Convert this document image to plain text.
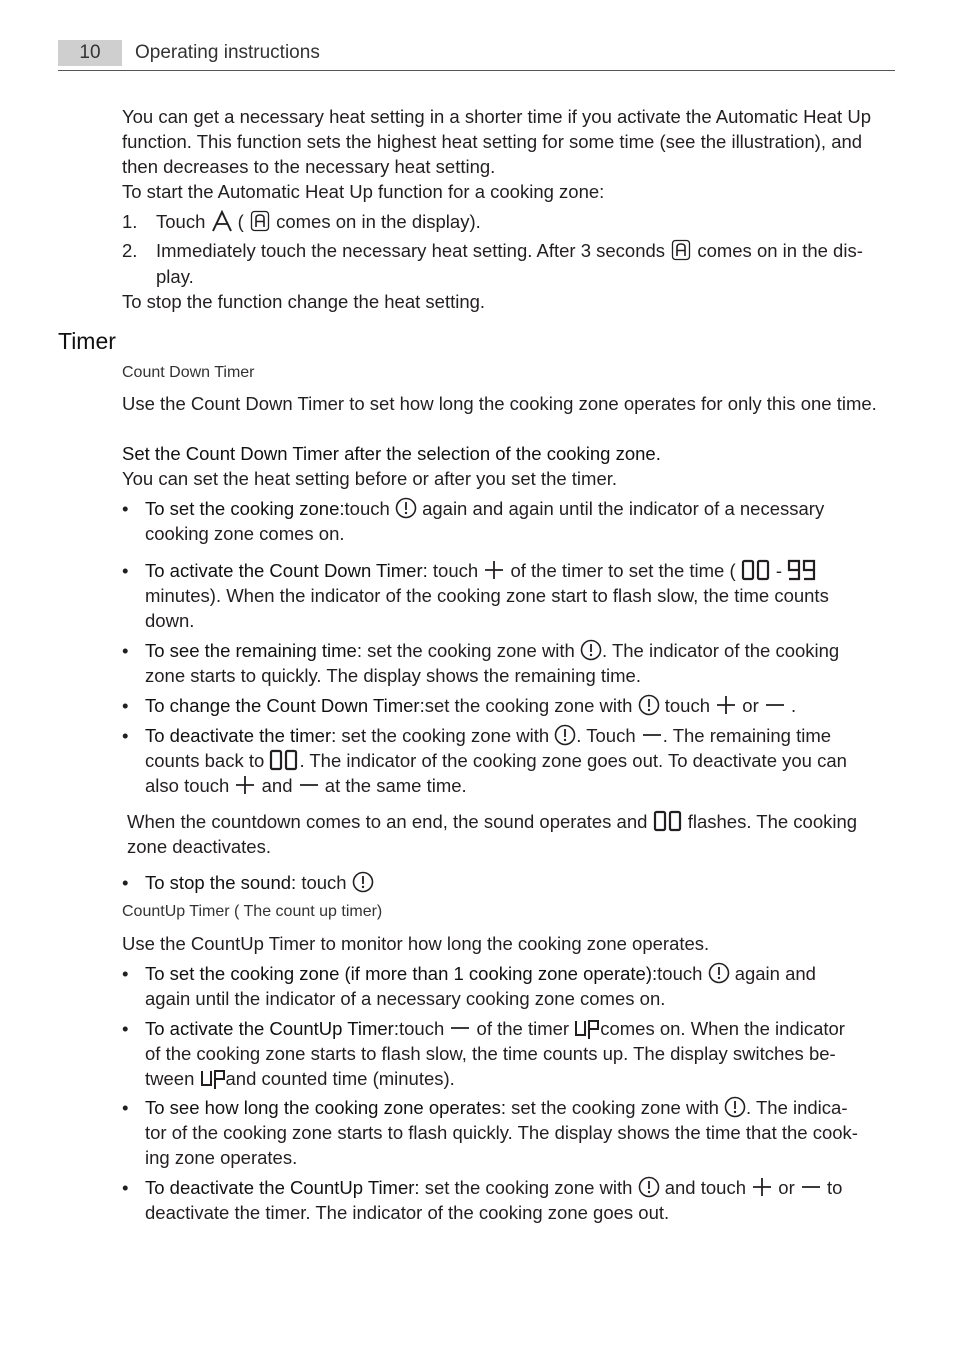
10	Operating instructions
You can get a necessary heat setting in a shorter time if you activate the Automatic Heat Up function. This function sets the highest heat setting for some time (see the illustration), and then decreases to the necessary heat setting.
To start the Automatic Heat Up function for a cooking zone:
1. Touch ( comes on in the display).
2. Immediately touch the necessary heat setting. After 3 seconds comes on in the dis-
play.
To stop the function change the heat setting.
Timer
Count Down Timer
Use the Count Down Timer to set how long the cooking zone operates for only this one time.
Set the Count Down Timer after the selection of the cooking zone.
You can set the heat setting before or after you set the timer.
• To set the cooking zone:touch again and again until the indicator of a necessary
cooking zone comes on.
• To activate the Count Down Timer: touch of the timer to set the time ( -
minutes). When the indicator of the cooking zone start to flash slow, the time counts
down.
• To see the remaining time: set the cooking zone with . The indicator of the cooking
zone starts to quickly. The display shows the remaining time.
• To change the Count Down Timer:set the cooking zone with touch or .
• To deactivate the timer: set the cooking zone with . Touch . The remaining time
counts back to . The indicator of the cooking zone goes out. To deactivate you can
also touch and at the same time.
When the countdown comes to an end, the sound operates and flashes. The cooking
zone deactivates.
• To stop the sound: touch
CountUp Timer ( The count up timer)
Use the CountUp Timer to monitor how long the cooking zone operates.
• To set the cooking zone (if more than 1 cooking zone operate):touch again and
again until the indicator of a necessary cooking zone comes on.
• To activate the CountUp Timer:touch of the timer comes on. When the indicator
of the cooking zone starts to flash slow, the time counts up. The display switches be-
tween and counted time (minutes).
• To see how long the cooking zone operates: set the cooking zone with . The indica-
tor of the cooking zone starts to flash quickly. The display shows the time that the cook-
ing zone operates.
• To deactivate the CountUp Timer: set the cooking zone with and touch or to
deactivate the timer. The indicator of the cooking zone goes out.
